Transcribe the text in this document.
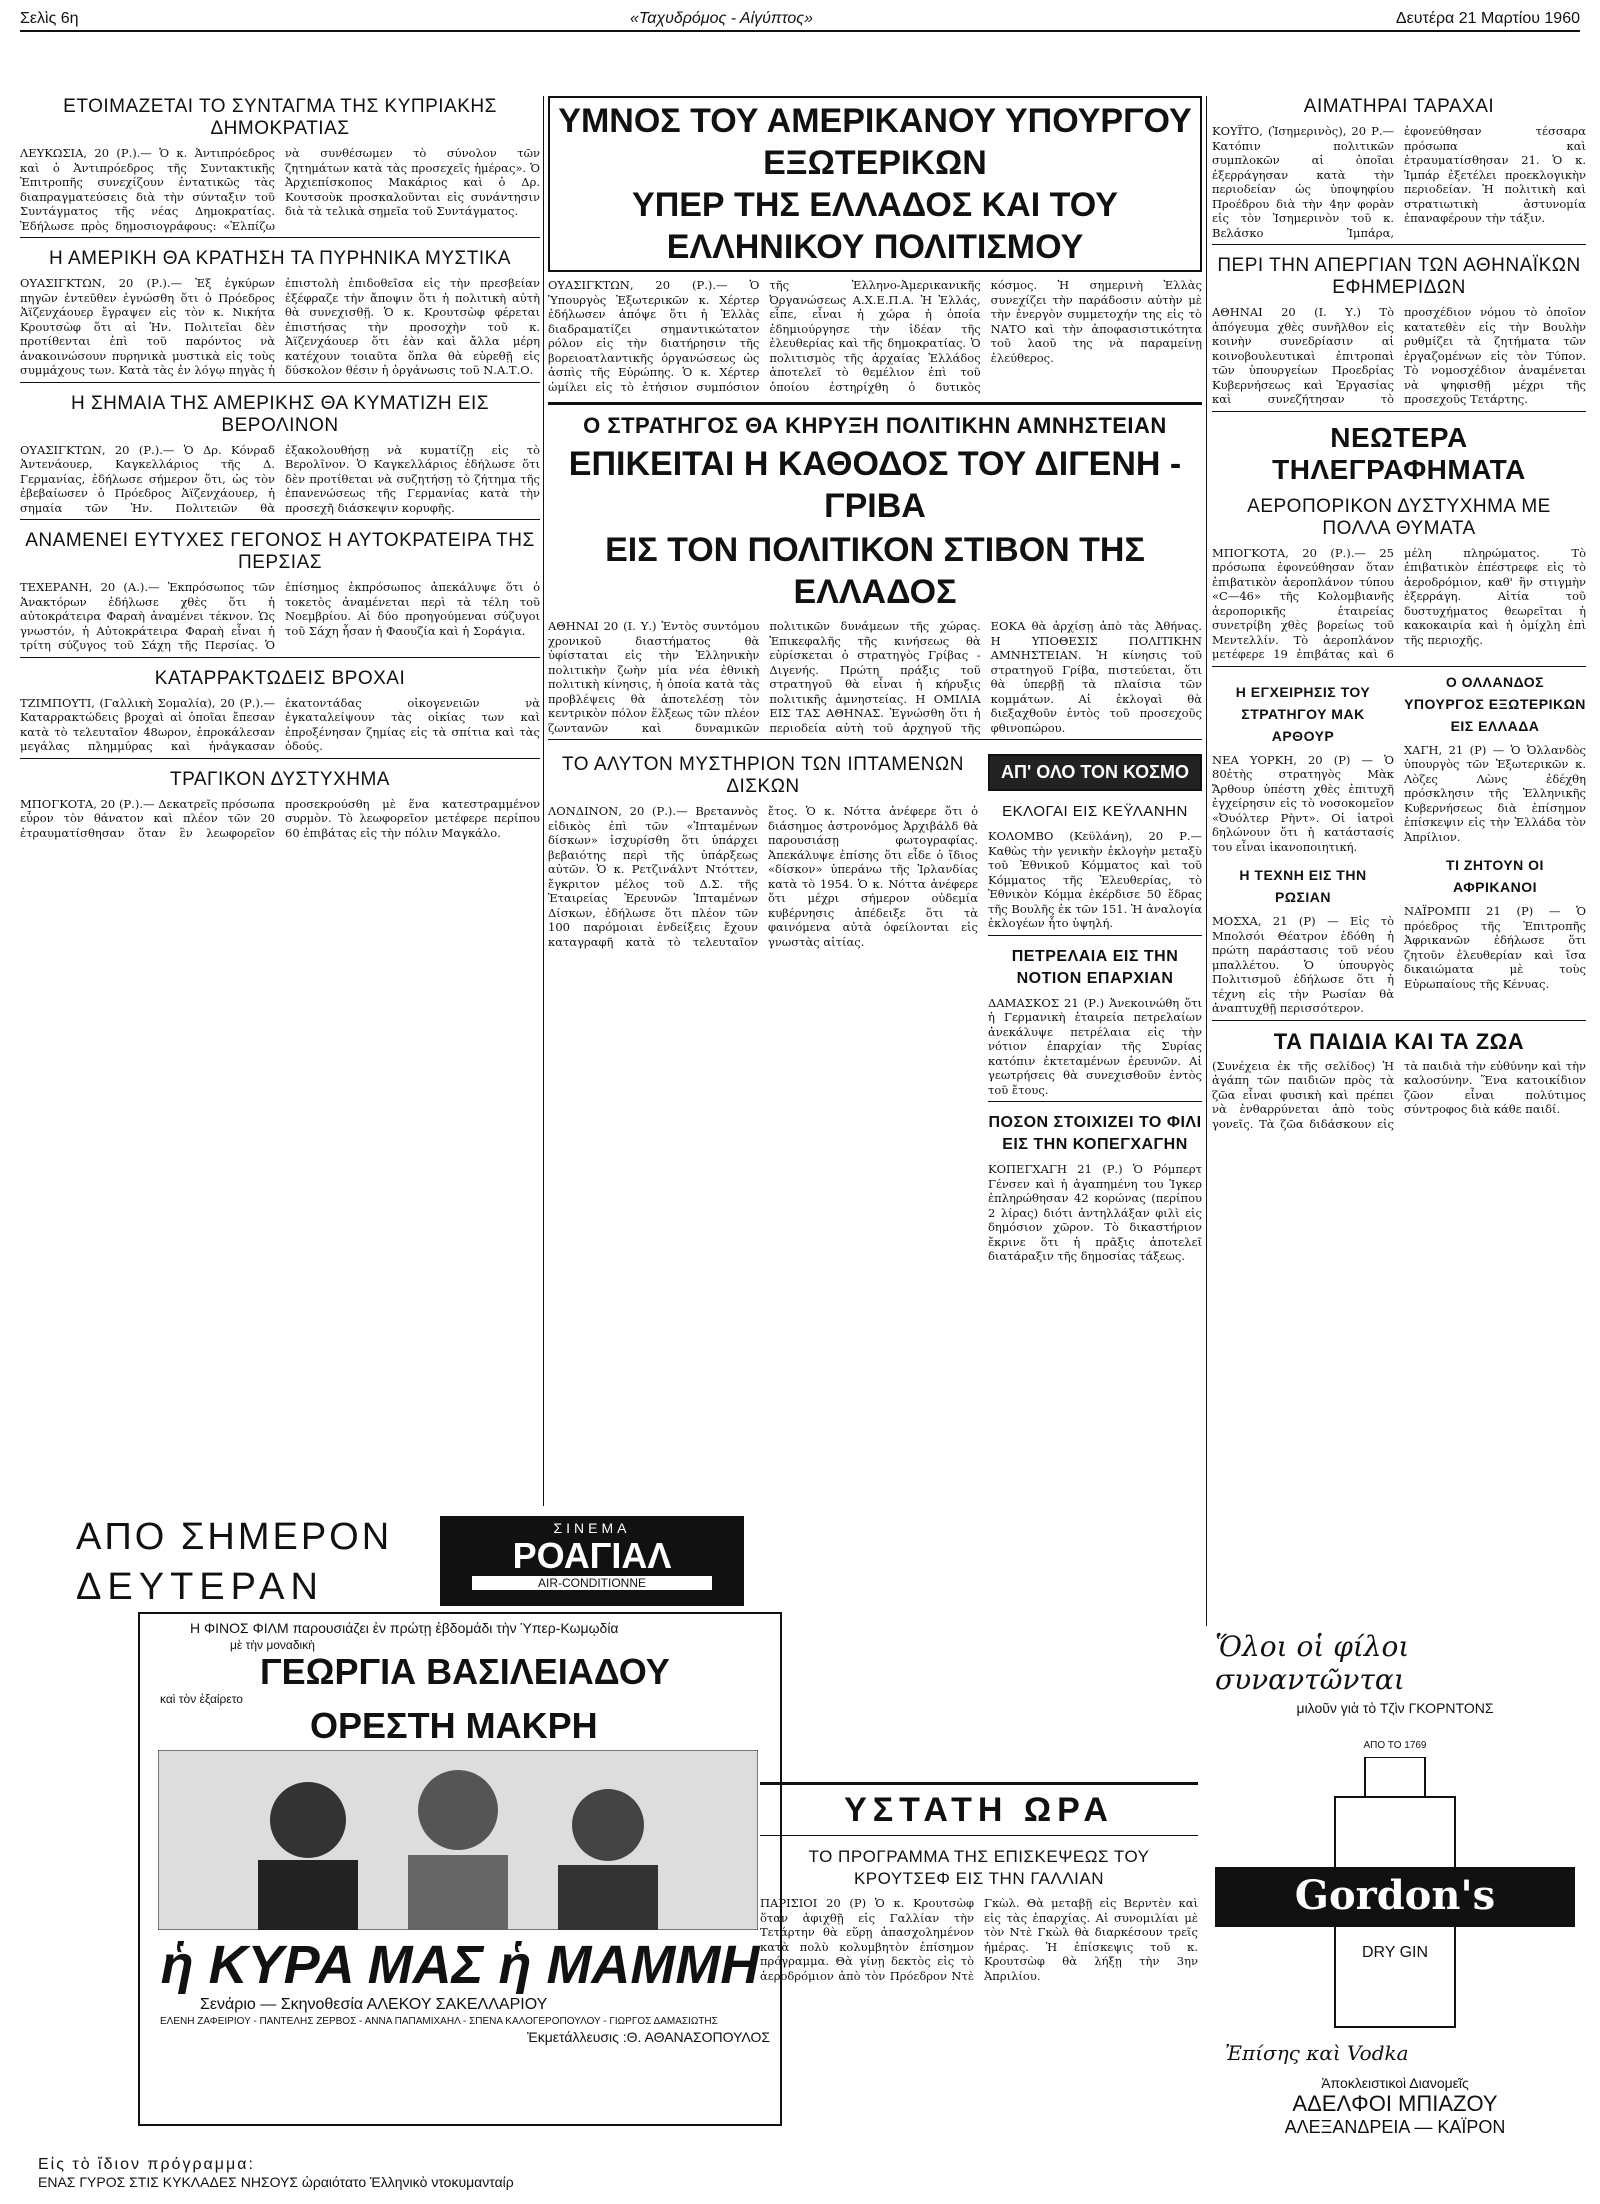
Σελὶς 6η	«Ταχυδρόμος - Αἰγύπτος»	Δευτέρα 21 Μαρτίου 1960
ΕΤΟΙΜΑΖΕΤΑΙ ΤΟ ΣΥΝΤΑΓΜΑ ΤΗΣ ΚΥΠΡΙΑΚΗΣ ΔΗΜΟΚΡΑΤΙΑΣ
ΛΕΥΚΩΣΙΑ, 20 (Ρ.).— Ὁ κ. Ἀντιπρόεδρος καὶ ὁ Ἀντιπρόεδρος τῆς Συντακτικῆς Ἐπιτροπῆς συνεχίζουν ἐντατικῶς τὰς διαπραγματεύσεις διὰ τὴν σύνταξιν τοῦ Συντάγματος τῆς νέας Δημοκρατίας. Ἐδήλωσε πρὸς δημοσιογράφους: «Ἐλπίζω νὰ συνθέσωμεν τὸ σύνολον τῶν ζητημάτων κατὰ τὰς προσεχεῖς ἡμέρας». Ὁ Ἀρχιεπίσκοπος Μακάριος καὶ ὁ Δρ. Κουτσοὺκ προσκαλοῦνται εἰς συνάντησιν διὰ τὰ τελικὰ σημεῖα τοῦ Συντάγματος.
Η ΑΜΕΡΙΚΗ ΘΑ ΚΡΑΤΗΣΗ ΤΑ ΠΥΡΗΝΙΚΑ ΜΥΣΤΙΚΑ
ΟΥΑΣΙΓΚΤΩΝ, 20 (Ρ.).— Ἐξ ἐγκύρων πηγῶν ἐντεῦθεν ἐγνώσθη ὅτι ὁ Πρόεδρος Ἀϊζενχάουερ ἔγραψεν εἰς τὸν κ. Νικήτα Κρουτσὼφ ὅτι αἱ Ἡν. Πολιτεῖαι δὲν προτίθενται ἐπὶ τοῦ παρόντος νὰ ἀνακοινώσουν πυρηνικὰ μυστικὰ εἰς τοὺς συμμάχους των. Κατὰ τὰς ἐν λόγῳ πηγὰς ἡ ἐπιστολὴ ἐπιδοθεῖσα εἰς τὴν πρεσβείαν ἐξέφραζε τὴν ἄποψιν ὅτι ἡ πολιτικὴ αὐτὴ θὰ συνεχισθῇ. Ὁ κ. Κρουτσὼφ φέρεται ἐπιστήσας τὴν προσοχὴν τοῦ κ. Ἀϊζενχάουερ ὅτι ἐὰν καὶ ἄλλα μέρη κατέχουν τοιαῦτα ὅπλα θὰ εὑρεθῇ εἰς δύσκολον θέσιν ἡ ὀργάνωσις τοῦ Ν.Α.Τ.Ο.
Η ΣΗΜΑΙΑ ΤΗΣ ΑΜΕΡΙΚΗΣ ΘΑ ΚΥΜΑΤΙΖΗ ΕΙΣ ΒΕΡΟΛΙΝΟΝ
ΟΥΑΣΙΓΚΤΩΝ, 20 (Ρ.).— Ὁ Δρ. Κόνραδ Ἀντενάουερ, Καγκελλάριος τῆς Δ. Γερμανίας, ἐδήλωσε σήμερον ὅτι, ὡς τὸν ἐβεβαίωσεν ὁ Πρόεδρος Ἀϊζενχάουερ, ἡ σημαία τῶν Ἡν. Πολιτειῶν θὰ ἐξακολουθήσῃ νὰ κυματίζῃ εἰς τὸ Βερολῖνον. Ὁ Καγκελλάριος ἐδήλωσε ὅτι δὲν προτίθεται νὰ συζητήσῃ τὸ ζήτημα τῆς ἐπανενώσεως τῆς Γερμανίας κατὰ τὴν προσεχῆ διάσκεψιν κορυφῆς.
ΑΝΑΜΕΝΕΙ ΕΥΤΥΧΕΣ ΓΕΓΟΝΟΣ Η ΑΥΤΟΚΡΑΤΕΙΡΑ ΤΗΣ ΠΕΡΣΙΑΣ
ΤΕΧΕΡΑΝΗ, 20 (Α.).— Ἐκπρόσωπος τῶν Ἀνακτόρων ἐδήλωσε χθὲς ὅτι ἡ αὐτοκράτειρα Φαραὴ ἀναμένει τέκνον. Ὡς γνωστόν, ἡ Αὐτοκράτειρα Φαραὴ εἶναι ἡ τρίτη σύζυγος τοῦ Σάχη τῆς Περσίας. Ὁ ἐπίσημος ἐκπρόσωπος ἀπεκάλυψε ὅτι ὁ τοκετὸς ἀναμένεται περὶ τὰ τέλη τοῦ Νοεμβρίου. Αἱ δύο προηγούμεναι σύζυγοι τοῦ Σάχη ἦσαν ἡ Φαουζία καὶ ἡ Σοράγια.
ΚΑΤΑΡΡΑΚΤΩΔΕΙΣ ΒΡΟΧΑΙ
ΤΖΙΜΠΟΥΤΙ, (Γαλλικὴ Σομαλία), 20 (Ρ.).— Καταρρακτώδεις βροχαὶ αἱ ὁποῖαι ἔπεσαν κατὰ τὸ τελευταῖον 48ωρον, ἐπροκάλεσαν μεγάλας πλημμύρας καὶ ἠνάγκασαν ἑκατοντάδας οἰκογενειῶν νὰ ἐγκαταλείψουν τὰς οἰκίας των καὶ ἐπροξένησαν ζημίας εἰς τὰ σπίτια καὶ τὰς ὁδούς.
ΤΡΑΓΙΚΟΝ ΔΥΣΤΥΧΗΜΑ
ΜΠΟΓΚΟΤΑ, 20 (Ρ.).— Δεκατρεῖς πρόσωπα εὗρον τὸν θάνατον καὶ πλέον τῶν 20 ἐτραυματίσθησαν ὅταν ἓν λεωφορεῖον προσεκρούσθη μὲ ἕνα κατεστραμμένον συρμὸν. Τὸ λεωφορεῖον μετέφερε περίπου 60 ἐπιβάτας εἰς τὴν πόλιν Μαγκάλο.
ΥΜΝΟΣ ΤΟΥ ΑΜΕΡΙΚΑΝΟΥ ΥΠΟΥΡΓΟΥ ΕΞΩΤΕΡΙΚΩΝ
ΥΠΕΡ ΤΗΣ ΕΛΛΑΔΟΣ ΚΑΙ ΤΟΥ ΕΛΛΗΝΙΚΟΥ ΠΟΛΙΤΙΣΜΟΥ
ΟΥΑΣΙΓΚΤΩΝ, 20 (Ρ.).— Ὁ Ὑπουργὸς Ἐξωτερικῶν κ. Χέρτερ ἐδήλωσεν ἀπόψε ὅτι ἡ Ἑλλὰς διαδραματίζει σημαντικώτατον ρόλον εἰς τὴν διατήρησιν τῆς βορειοατλαντικῆς ὀργανώσεως ὡς ἀσπὶς τῆς Εὐρώπης. Ὁ κ. Χέρτερ ὡμίλει εἰς τὸ ἐτήσιον συμπόσιον τῆς Ἑλληνο-Ἀμερικανικῆς Ὀργανώσεως Α.Χ.Ε.Π.Α. Ἡ Ἑλλάς, εἶπε, εἶναι ἡ χώρα ἡ ὁποία ἐδημιούργησε τὴν ἰδέαν τῆς ἐλευθερίας καὶ τῆς δημοκρατίας. Ὁ πολιτισμὸς τῆς ἀρχαίας Ἑλλάδος ἀποτελεῖ τὸ θεμέλιον ἐπὶ τοῦ ὁποίου ἐστηρίχθη ὁ δυτικὸς κόσμος. Ἡ σημερινὴ Ἑλλὰς συνεχίζει τὴν παράδοσιν αὐτὴν μὲ τὴν ἐνεργὸν συμμετοχήν της εἰς τὸ ΝΑΤΟ καὶ τὴν ἀποφασιστικότητα τοῦ λαοῦ της νὰ παραμείνῃ ἐλεύθερος.
Ο ΣΤΡΑΤΗΓΟΣ ΘΑ ΚΗΡΥΞΗ ΠΟΛΙΤΙΚΗΝ ΑΜΝΗΣΤΕΙΑΝ
ΕΠΙΚΕΙΤΑΙ Η ΚΑΘΟΔΟΣ ΤΟΥ ΔΙΓΕΝΗ - ΓΡΙΒΑ
ΕΙΣ ΤΟΝ ΠΟΛΙΤΙΚΟΝ ΣΤΙΒΟΝ ΤΗΣ ΕΛΛΑΔΟΣ
ΑΘΗΝΑΙ 20 (Ι. Υ.) Ἐντὸς συντόμου χρονικοῦ διαστήματος θὰ ὑφίσταται εἰς τὴν Ἑλληνικὴν πολιτικὴν ζωὴν μία νέα ἐθνικὴ πολιτικὴ κίνησις, ἡ ὁποία κατὰ τὰς προβλέψεις θὰ ἀποτελέσῃ τὸν κεντρικὸν πόλον ἕλξεως τῶν πλέον ζωντανῶν καὶ δυναμικῶν πολιτικῶν δυνάμεων τῆς χώρας. Ἐπικεφαλῆς τῆς κινήσεως θὰ εὑρίσκεται ὁ στρατηγὸς Γρίβας - Διγενής. Πρώτη πράξις τοῦ στρατηγοῦ θὰ εἶναι ἡ κήρυξις πολιτικῆς ἀμνηστείας. Η ΟΜΙΛΙΑ ΕΙΣ ΤΑΣ ΑΘΗΝΑΣ. Ἐγνώσθη ὅτι ἡ περιοδεία αὐτὴ τοῦ ἀρχηγοῦ τῆς ΕΟΚΑ θὰ ἀρχίσῃ ἀπὸ τὰς Ἀθήνας. Η ΥΠΟΘΕΣΙΣ ΠΟΛΙΤΙΚΗΝ ΑΜΝΗΣΤΕΙΑΝ. Ἡ κίνησις τοῦ στρατηγοῦ Γρίβα, πιστεύεται, ὅτι θὰ ὑπερβῇ τὰ πλαίσια τῶν κομμάτων. Αἱ ἐκλογαὶ θὰ διεξαχθοῦν ἐντὸς τοῦ προσεχοῦς φθινοπώρου.
ΤΟ ΑΛΥΤΟΝ ΜΥΣΤΗΡΙΟΝ ΤΩΝ ΙΠΤΑΜΕΝΩΝ ΔΙΣΚΩΝ
ΛΟΝΔΙΝΟΝ, 20 (Ρ.).— Βρεταννὸς εἰδικὸς ἐπὶ τῶν «Ἰπταμένων δίσκων» ἰσχυρίσθη ὅτι ὑπάρχει βεβαιότης περὶ τῆς ὑπάρξεως αὐτῶν. Ὁ κ. Ρετζινάλντ Ντόττεν, ἔγκριτον μέλος τοῦ Δ.Σ. τῆς Ἑταιρείας Ἐρευνῶν Ἰπταμένων Δίσκων, ἐδήλωσε ὅτι πλέον τῶν 100 παρόμοιαι ἐνδείξεις ἔχουν καταγραφῆ κατὰ τὸ τελευταῖον ἔτος. Ὁ κ. Νόττα ἀνέφερε ὅτι ὁ διάσημος ἀστρονόμος Ἀρχιβάλδ θὰ παρουσιάσῃ φωτογραφίας. Ἀπεκάλυψε ἐπίσης ὅτι εἶδε ὁ ἴδιος «δίσκον» ὑπεράνω τῆς Ἰρλανδίας κατὰ τὸ 1954. Ὁ κ. Νόττα ἀνέφερε ὅτι μέχρι σήμερον οὐδεμία κυβέρνησις ἀπέδειξε ὅτι τὰ φαινόμενα αὐτὰ ὀφείλονται εἰς γνωστὰς αἰτίας.
ΑΠ' ΟΛΟ ΤΟΝ ΚΟΣΜΟ
ΕΚΛΟΓΑΙ ΕΙΣ ΚΕΫΛΑΝΗΝ
ΚΟΛΟΜΒΟ (Κεϋλάνη), 20 Ρ.— Καθὼς τὴν γενικὴν ἐκλογὴν μεταξὺ τοῦ Ἐθνικοῦ Κόμματος καὶ τοῦ Κόμματος τῆς Ἐλευθερίας, τὸ Ἐθνικὸν Κόμμα ἐκέρδισε 50 ἕδρας τῆς Βουλῆς ἐκ τῶν 151. Ἡ ἀναλογία ἐκλογέων ἦτο ὑψηλή.
ΠΕΤΡΕΛΑΙΑ ΕΙΣ ΤΗΝ ΝΟΤΙΟΝ ΕΠΑΡΧΙΑΝ
ΔΑΜΑΣΚΟΣ 21 (Ρ.) Ἀνεκοινώθη ὅτι ἡ Γερμανικὴ ἑταιρεία πετρελαίων ἀνεκάλυψε πετρέλαια εἰς τὴν νότιον ἐπαρχίαν τῆς Συρίας κατόπιν ἐκτεταμένων ἐρευνῶν. Αἱ γεωτρήσεις θὰ συνεχισθοῦν ἐντὸς τοῦ ἔτους.
ΠΟΣΟΝ ΣΤΟΙΧΙΖΕΙ ΤΟ ΦΙΛΙ ΕΙΣ ΤΗΝ ΚΟΠΕΓΧΑΓΗΝ
ΚΟΠΕΓΧΑΓΗ 21 (Ρ.) Ὁ Ρόμπερτ Γένσεν καὶ ἡ ἀγαπημένη του Ἰγκερ ἐπληρώθησαν 42 κορώνας (περίπου 2 λίρας) διότι ἀντηλλάξαν φιλὶ εἰς δημόσιον χῶρον. Τὸ δικαστήριον ἔκρινε ὅτι ἡ πρᾶξις ἀποτελεῖ διατάραξιν τῆς δημοσίας τάξεως.
ΑΙΜΑΤΗΡΑΙ ΤΑΡΑΧΑΙ
ΚΟΥΪΤΟ, (Ἰσημερινὸς), 20 Ρ.— Κατόπιν πολιτικῶν συμπλοκῶν αἱ ὁποῖαι ἐξερράγησαν κατὰ τὴν περιοδείαν ὡς ὑποψηφίου Προέδρου διὰ τὴν 4ην φορὰν εἰς τὸν Ἰσημερινὸν τοῦ κ. Βελάσκο Ἰμπάρα, ἐφονεύθησαν τέσσαρα πρόσωπα καὶ ἐτραυματίσθησαν 21. Ὁ κ. Ἰμπάρ ἐξετέλει προεκλογικὴν περιοδείαν. Ἡ πολιτικὴ καὶ στρατιωτικὴ ἀστυνομία ἐπαναφέρουν τὴν τάξιν.
ΠΕΡΙ ΤΗΝ ΑΠΕΡΓΙΑΝ ΤΩΝ ΑΘΗΝΑΪΚΩΝ ΕΦΗΜΕΡΙΔΩΝ
ΑΘΗΝΑΙ 20 (Ι. Υ.) Τὸ ἀπόγευμα χθὲς συνῆλθον εἰς κοινὴν συνεδρίασιν αἱ κοινοβουλευτικαὶ ἐπιτροπαὶ τῶν ὑπουργείων Προεδρίας Κυβερνήσεως καὶ Ἐργασίας καὶ συνεζήτησαν τὸ προσχέδιον νόμου τὸ ὁποῖον κατατεθὲν εἰς τὴν Βουλὴν ρυθμίζει τὰ ζητήματα τῶν ἐργαζομένων εἰς τὸν Τύπον. Τὸ νομοσχέδιον ἀναμένεται νὰ ψηφισθῇ μέχρι τῆς προσεχοῦς Τετάρτης.
ΝΕΩΤΕΡΑ ΤΗΛΕΓΡΑΦΗΜΑΤΑ
ΑΕΡΟΠΟΡΙΚΟΝ ΔΥΣΤΥΧΗΜΑ ΜΕ ΠΟΛΛΑ ΘΥΜΑΤΑ
ΜΠΟΓΚΟΤΑ, 20 (Ρ.).— 25 πρόσωπα ἐφονεύθησαν ὅταν ἐπιβατικὸν ἀεροπλάνον τύπου «C—46» τῆς Κολομβιανῆς ἀεροπορικῆς ἑταιρείας συνετρίβη χθὲς βορείως τοῦ Μεντελλίν. Τὸ ἀεροπλάνον μετέφερε 19 ἐπιβάτας καὶ 6 μέλη πληρώματος. Τὸ ἐπιβατικὸν ἐπέστρεφε εἰς τὸ ἀεροδρόμιον, καθ' ἣν στιγμὴν ἐξερράγη. Αἰτία τοῦ δυστυχήματος θεωρεῖται ἡ κακοκαιρία καὶ ἡ ὀμίχλη ἐπὶ τῆς περιοχῆς.
Η ΕΓΧΕΙΡΗΣΙΣ ΤΟΥ ΣΤΡΑΤΗΓΟΥ ΜΑΚ ΑΡΘΟΥΡ
ΝΕΑ ΥΟΡΚΗ, 20 (Ρ) — Ὁ 80ἐτὴς στρατηγὸς Μὰκ Ἄρθουρ ὑπέστη χθὲς ἐπιτυχῆ ἐγχείρησιν εἰς τὸ νοσοκομεῖον «Ὀυόλτερ Ρὴντ». Οἱ ἰατροὶ δηλώνουν ὅτι ἡ κατάστασίς του εἶναι ἱκανοποιητική.
Η ΤΕΧΝΗ ΕΙΣ ΤΗΝ ΡΩΣΙΑΝ
ΜΟΣΧΑ, 21 (Ρ) — Εἰς τὸ Μπολσόι Θέατρον ἐδόθη ἡ πρώτη παράστασις τοῦ νέου μπαλλέτου. Ὁ ὑπουργὸς Πολιτισμοῦ ἐδήλωσε ὅτι ἡ τέχνη εἰς τὴν Ρωσίαν θὰ ἀναπτυχθῇ περισσότερον.
Ο ΟΛΛΑΝΔΟΣ ΥΠΟΥΡΓΟΣ ΕΞΩΤΕΡΙΚΩΝ ΕΙΣ ΕΛΛΑΔΑ
ΧΑΓΗ, 21 (Ρ) — Ὁ Ὀλλανδὸς ὑπουργὸς τῶν Ἐξωτερικῶν κ. Λὸζες Λὼνς ἐδέχθη πρόσκλησιν τῆς Ἑλληνικῆς Κυβερνήσεως διὰ ἐπίσημον ἐπίσκεψιν εἰς τὴν Ἑλλάδα τὸν Ἀπρίλιον.
ΤΙ ΖΗΤΟΥΝ ΟΙ ΑΦΡΙΚΑΝΟΙ
ΝΑΪΡΟΜΠΙ 21 (Ρ) — Ὁ πρόεδρος τῆς Ἐπιτροπῆς Ἀφρικανῶν ἐδήλωσε ὅτι ζητοῦν ἐλευθερίαν καὶ ἴσα δικαιώματα μὲ τοὺς Εὐρωπαίους τῆς Κένυας.
ΤΑ ΠΑΙΔΙΑ ΚΑΙ ΤΑ ΖΩΑ
(Συνέχεια ἐκ τῆς σελίδος) Ἡ ἀγάπη τῶν παιδιῶν πρὸς τὰ ζῶα εἶναι φυσικὴ καὶ πρέπει νὰ ἐνθαρρύνεται ἀπὸ τοὺς γονεῖς. Τὰ ζῶα διδάσκουν εἰς τὰ παιδιὰ τὴν εὐθύνην καὶ τὴν καλοσύνην. Ἕνα κατοικίδιον ζῶον εἶναι πολύτιμος σύντροφος διὰ κάθε παιδί.
ΑΠΟ ΣΗΜΕΡΟΝ
ΔΕΥΤΕΡΑΝ
ΣΙΝΕΜΑ
ΡΟΑΓΙΑΛ
AIR-CONDITIONNE
Η ΦΙΝΟΣ ΦΙΛΜ παρουσιάζει ἐν πρώτῃ ἐβδομάδι τὴν Ὑπερ-Κωμῳδία
μὲ τὴν μοναδικὴ
ΓΕΩΡΓΙΑ ΒΑΣΙΛΕΙΑΔΟΥ
καὶ τὸν ἐξαίρετο
ΟΡΕΣΤΗ ΜΑΚΡΗ
ἡ ΚΥΡΑ ΜΑΣ ἡ ΜΑΜΜΗ
Σενάριο — Σκηνοθεσία ΑΛΕΚΟΥ ΣΑΚΕΛΛΑΡΙΟΥ
ΕΛΕΝΗ ΖΑΦΕΙΡΙΟΥ - ΠΑΝΤΕΛΗΣ ΖΕΡΒΟΣ - ΑΝΝΑ ΠΑΠΑΜΙΧΑΗΛ - ΣΠΕΝΑ ΚΑΛΟΓΕΡΟΠΟΥΛΟΥ - ΓΙΩΡΓΟΣ ΔΑΜΑΣΙΩΤΗΣ
Ἐκμετάλλευσις :Θ. ΑΘΑΝΑΣΟΠΟΥΛΟΣ
Εἰς τὸ ἴδιον πρόγραμμα:
ΕΝΑΣ ΓΥΡΟΣ ΣΤΙΣ ΚΥΚΛΑΔΕΣ ΝΗΣΟΥΣ ὡραιότατο Ἑλληνικὸ ντοκυμανταίρ
ΥΣΤΑΤΗ ΩΡΑ
ΤΟ ΠΡΟΓΡΑΜΜΑ ΤΗΣ ΕΠΙΣΚΕΨΕΩΣ ΤΟΥ ΚΡΟΥΤΣΕΦ ΕΙΣ ΤΗΝ ΓΑΛΛΙΑΝ
ΠΑΡΙΣΙΟΙ 20 (Ρ) Ὁ κ. Κρουτσὼφ ὅταν ἀφιχθῇ εἰς Γαλλίαν τὴν Τετάρτην θὰ εὕρῃ ἀπασχολημένον κατὰ πολὺ κολυμβητὸν ἐπίσημον πρόγραμμα. Θὰ γίνῃ δεκτὸς εἰς τὸ ἀεροδρόμιον ἀπὸ τὸν Πρόεδρον Ντὲ Γκὼλ. Θὰ μεταβῇ εἰς Βερντὲν καὶ εἰς τὰς ἐπαρχίας. Αἱ συνομιλίαι μὲ τὸν Ντὲ Γκὼλ θὰ διαρκέσουν τρεῖς ἡμέρας. Ἡ ἐπίσκεψις τοῦ κ. Κρουτσὼφ θὰ λήξῃ τὴν 3ην Ἀπριλίου.
Ὅλοι οἱ φίλοι συναντῶνται
μιλοῦν γιὰ τὸ Τζὶν ΓΚΟΡΝΤΟΝΣ
ΑΠΟ ΤΟ 1769
Gordon's
DRY GIN
Ἐπίσης καὶ Vodka
Ἀποκλειστικοὶ Διανομεῖς
ΑΔΕΛΦΟΙ ΜΠΙΑΖΟΥ
ΑΛΕΞΑΝΔΡΕΙΑ — ΚΑΪΡΟΝ
